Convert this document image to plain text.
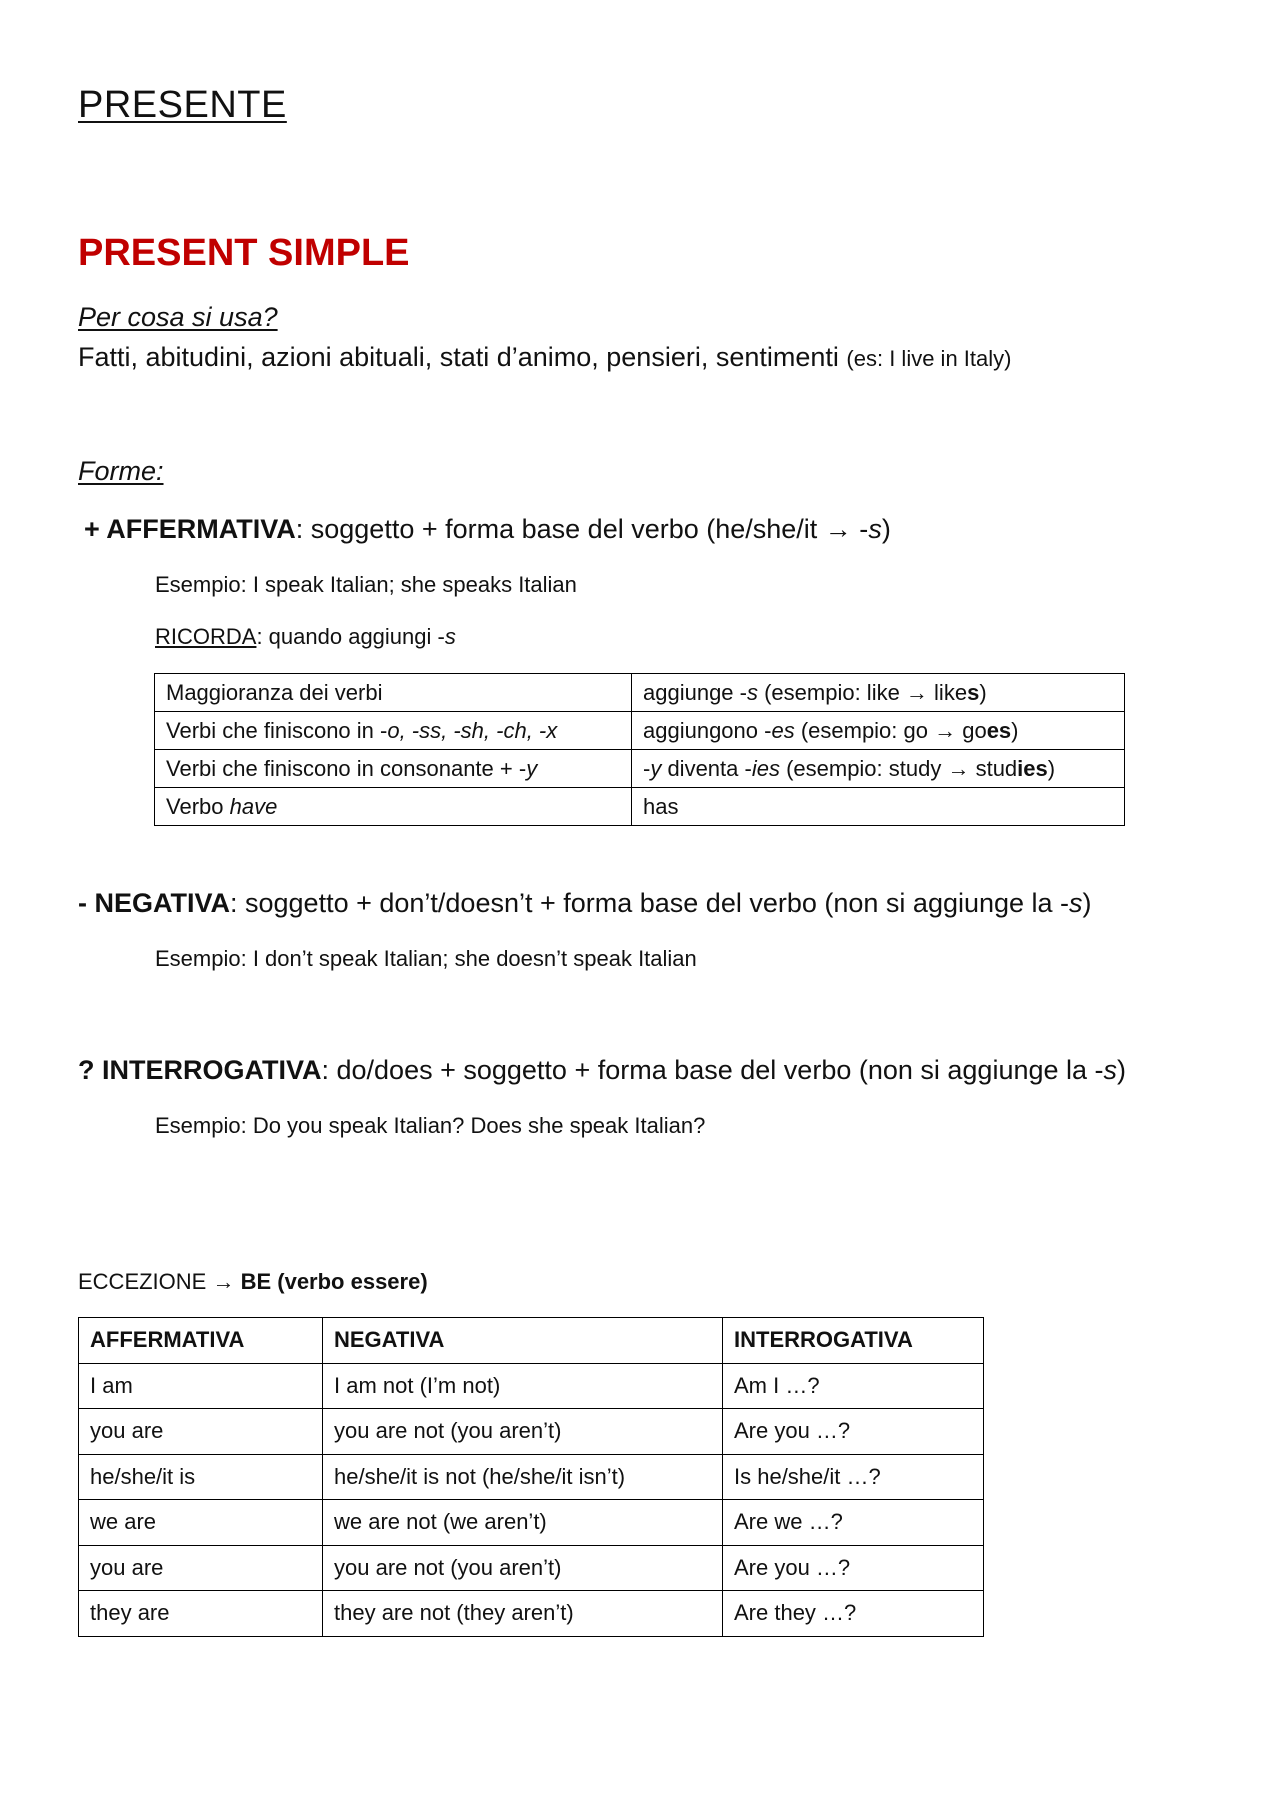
PRESENTE
PRESENT SIMPLE
Per cosa si usa?
Fatti, abitudini, azioni abituali, stati d’animo, pensieri, sentimenti (es: I live in Italy)
Forme:
+ AFFERMATIVA: soggetto + forma base del verbo (he/she/it → -s)
Esempio: I speak Italian; she speaks Italian
RICORDA: quando aggiungi -s
Maggioranza dei verbi	aggiunge -s (esempio: like → likes)
Verbi che finiscono in -o, -ss, -sh, -ch, -x	aggiungono -es (esempio: go → goes)
Verbi che finiscono in consonante + -y	-y diventa -ies (esempio: study → studies)
Verbo have	has
- NEGATIVA: soggetto + don’t/doesn’t + forma base del verbo (non si aggiunge la -s)
Esempio: I don’t speak Italian; she doesn’t speak Italian
? INTERROGATIVA: do/does + soggetto + forma base del verbo (non si aggiunge la -s)
Esempio: Do you speak Italian? Does she speak Italian?
ECCEZIONE → BE (verbo essere)
AFFERMATIVA	NEGATIVA	INTERROGATIVA
I am	I am not (I’m not)	Am I …?
you are	you are not (you aren’t)	Are you …?
he/she/it is	he/she/it is not (he/she/it isn’t)	Is he/she/it …?
we are	we are not (we aren’t)	Are we …?
you are	you are not (you aren’t)	Are you …?
they are	they are not (they aren’t)	Are they …?
